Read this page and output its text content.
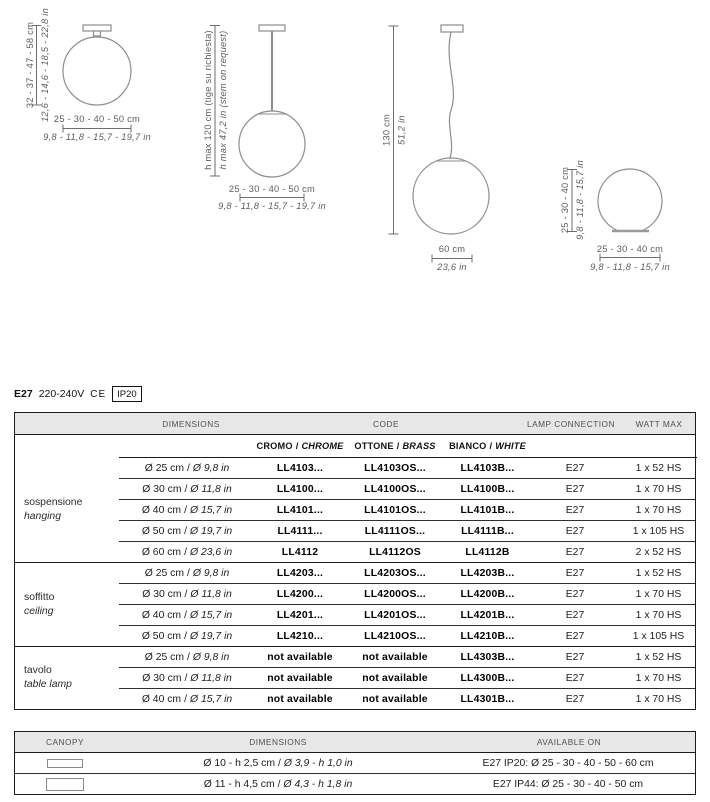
32 - 37 - 47 - 58 cm 12,6 - 14,6 - 18,5 - 22,8 in 25 - 30 - 40 - 50 cm
9,8 - 11,8 - 15,7 - 19,7 in	h max 120 cm (tige su richiesta) h max 47,2 in (stem on request)
25 - 30 - 40 - 50 cm
9,8 - 11,8 - 15,7 - 19,7 in
130 cm 51,2 in
60 cm
23,6 in
25 - 30 - 40 cm 9,8 - 11,8 - 15,7 in
25 - 30 - 40 cm
9,8 - 11,8 - 15,7 in
E27 220-240V CE	IP20
DIMENSIONS	CODE	LAMP CONNECTION WATT MAX
CROMO / CHROME	OTTONE / BRASS	BIANCO / WHITE
sospensione
hanging
Ø 25 cm / Ø 9,8 in	LL4103...	LL4103OS...	LL4103B...	E27	1 x 52 HS
Ø 30 cm / Ø 11,8 in	LL4100...	LL4100OS...	LL4100B...	E27	1 x 70 HS
Ø 40 cm / Ø 15,7 in	LL4101...	LL4101OS...	LL4101B...	E27	1 x 70 HS
Ø 50 cm / Ø 19,7 in	LL4111...	LL4111OS...	LL4111B...	E27	1 x 105 HS
Ø 60 cm / Ø 23,6 in	LL4112	LL4112OS	LL4112B	E27	2 x 52 HS
soffitto
ceiling
Ø 25 cm / Ø 9,8 in	LL4203...	LL4203OS...	LL4203B...	E27	1 x 52 HS
Ø 30 cm / Ø 11,8 in	LL4200...	LL4200OS...	LL4200B...	E27	1 x 70 HS
Ø 40 cm / Ø 15,7 in	LL4201...	LL4201OS...	LL4201B...	E27	1 x 70 HS
Ø 50 cm / Ø 19,7 in	LL4210...	LL4210OS...	LL4210B...	E27	1 x 105 HS
tavolo
table lamp
Ø 25 cm / Ø 9,8 in	not available	not available	LL4303B...	E27	1 x 52 HS
Ø 30 cm / Ø 11,8 in	not available	not available	LL4300B...	E27	1 x 70 HS
Ø 40 cm / Ø 15,7 in	not available	not available	LL4301B...	E27	1 x 70 HS
CANOPY	DIMENSIONS	AVAILABLE ON
Ø 10 - h 2,5 cm / Ø 3,9 - h 1,0 in	E27 IP20: Ø 25 - 30 - 40 - 50 - 60 cm
Ø 11 - h 4,5 cm / Ø 4,3 - h 1,8 in	E27 IP44: Ø 25 - 30 - 40 - 50 cm
